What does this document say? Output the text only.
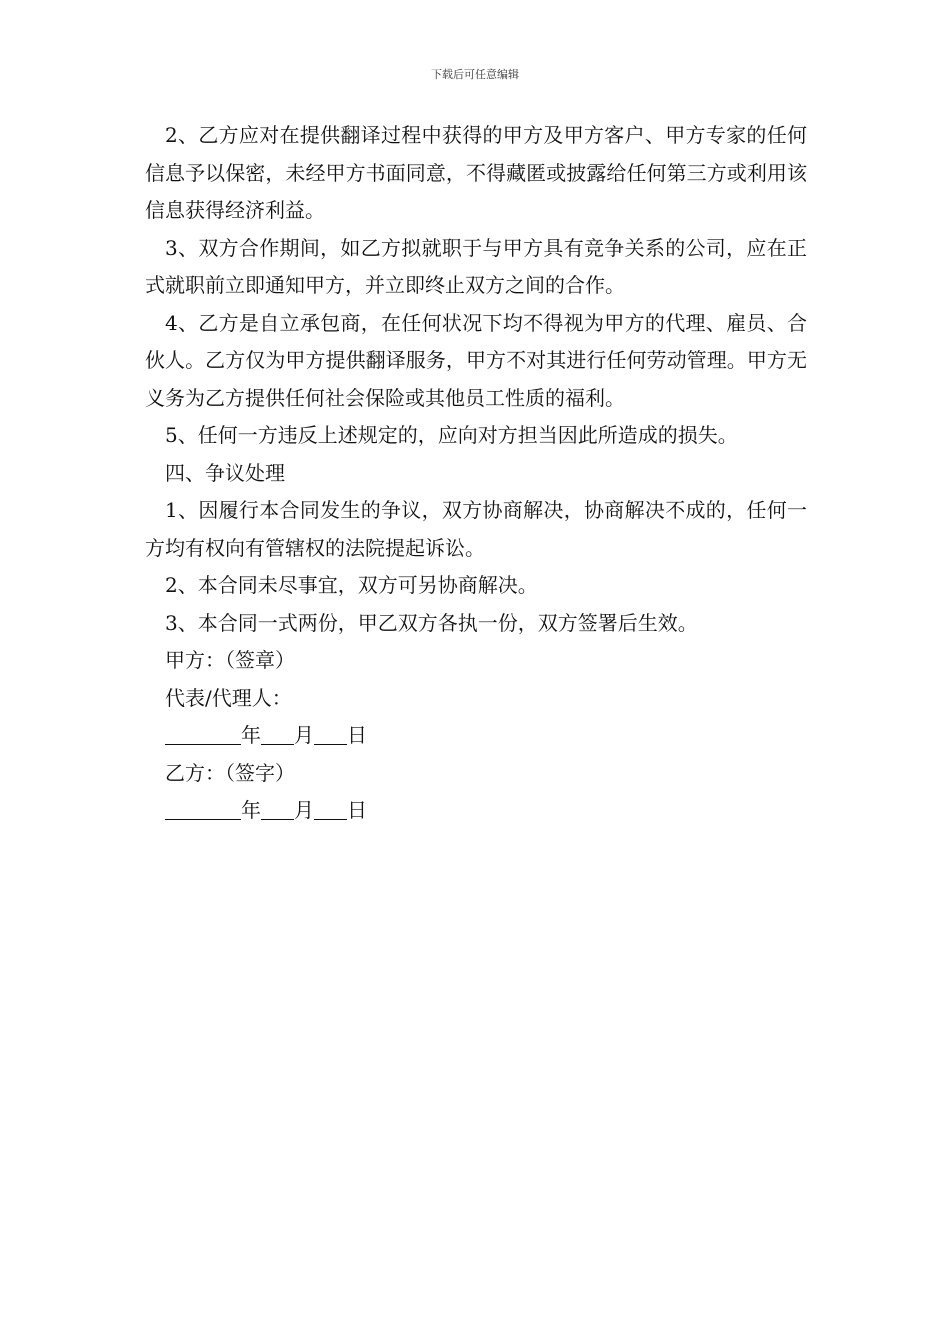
下载后可任意编辑

2、乙方应对在提供翻译过程中获得的甲方及甲方客户、甲方专家的任何信息予以保密，未经甲方书面同意，不得藏匿或披露给任何第三方或利用该信息获得经济利益。

3、双方合作期间，如乙方拟就职于与甲方具有竞争关系的公司，应在正式就职前立即通知甲方，并立即终止双方之间的合作。

4、乙方是自立承包商，在任何状况下均不得视为甲方的代理、雇员、合伙人。乙方仅为甲方提供翻译服务，甲方不对其进行任何劳动管理。甲方无义务为乙方提供任何社会保险或其他员工性质的福利。

5、任何一方违反上述规定的，应向对方担当因此所造成的损失。

四、争议处理

1、因履行本合同发生的争议，双方协商解决，协商解决不成的，任何一方均有权向有管辖权的法院提起诉讼。

2、本合同未尽事宜，双方可另协商解决。

3、本合同一式两份，甲乙双方各执一份，双方签署后生效。

甲方：（签章）

代表/代理人：

年 月 日

乙方：（签字）

年 月 日
